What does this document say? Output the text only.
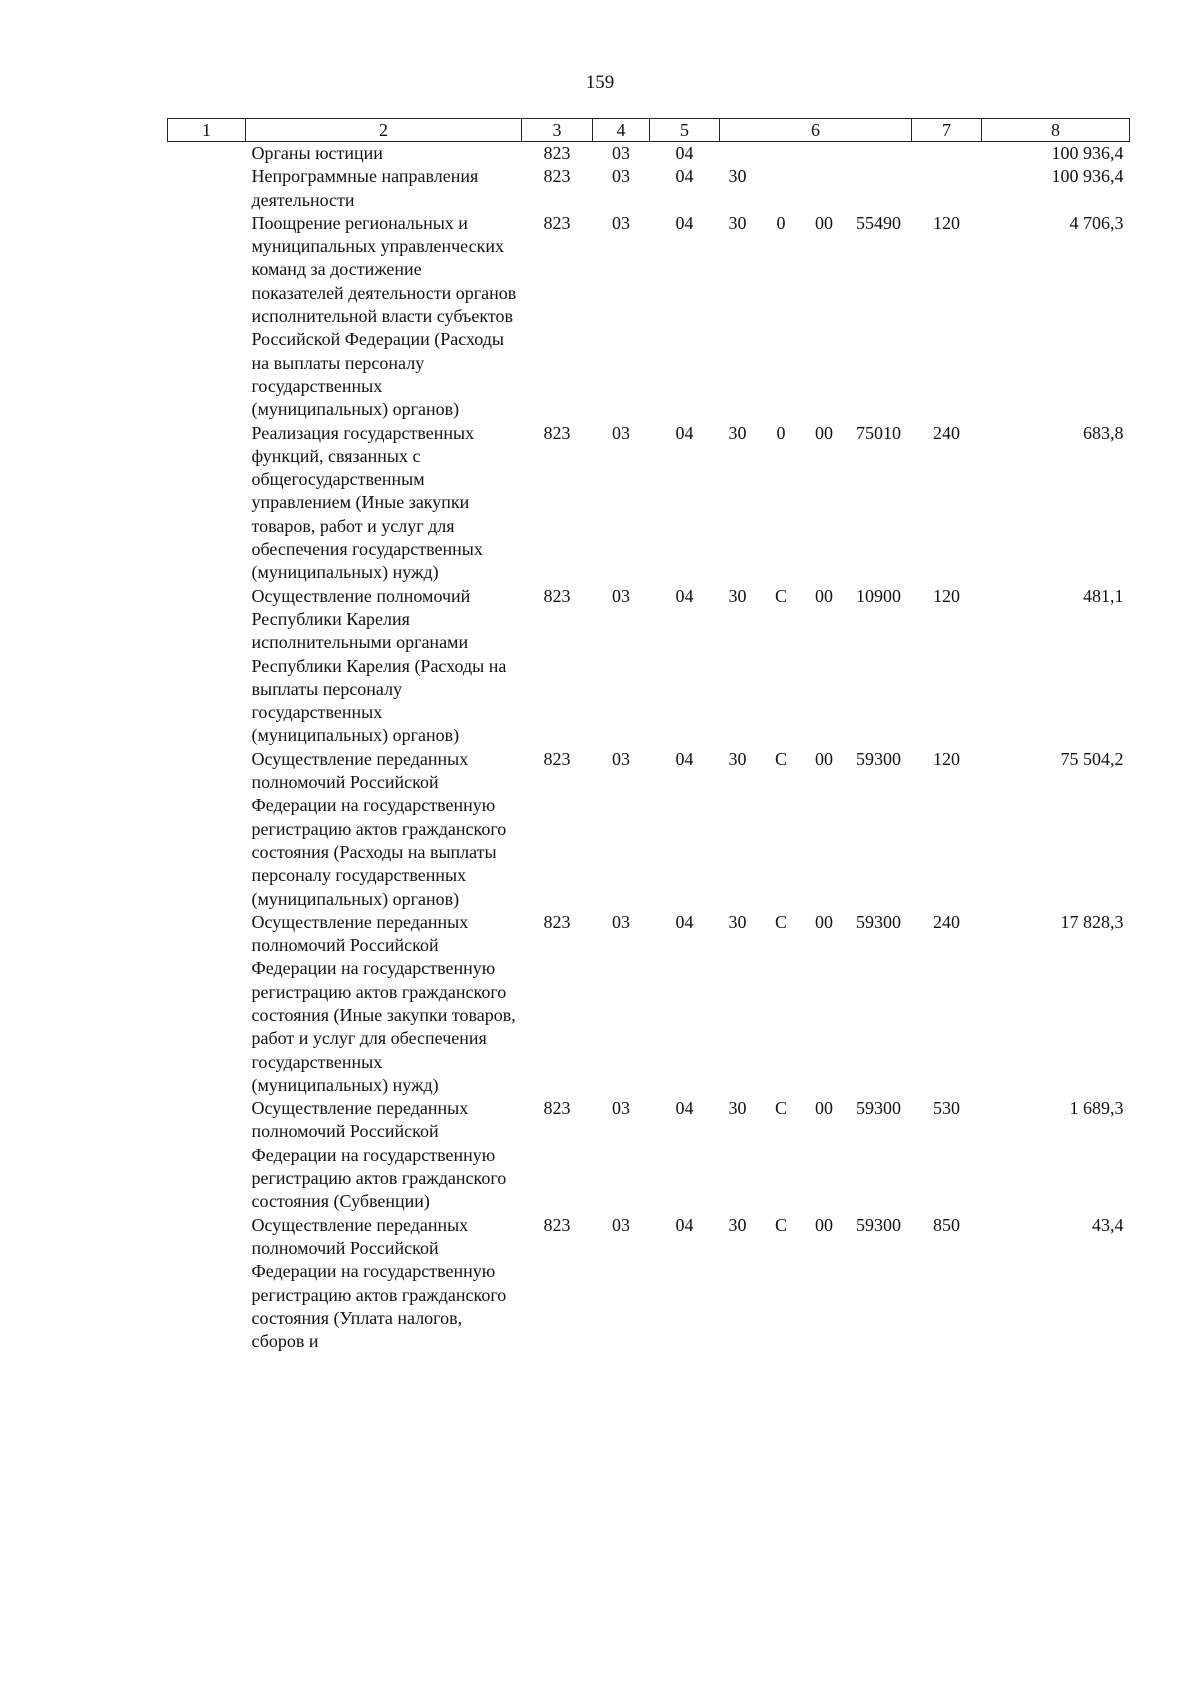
159
1	2	3	4	5	6				7	8
	Органы юстиции	823	03	04						100 936,4
	Непрограммные направления деятельности	823	03	04	30					100 936,4
	Поощрение региональных и муниципальных управленческих команд за достижение показателей деятельности органов исполнительной власти субъектов Российской Федерации (Расходы на выплаты персоналу государственных (муниципальных) органов)	823	03	04	30	0	00	55490	120	4 706,3
	Реализация государственных функций, связанных с общегосударственным управлением (Иные закупки товаров, работ и услуг для обеспечения государственных (муниципальных) нужд)	823	03	04	30	0	00	75010	240	683,8
	Осуществление полномочий Республики Карелия исполнительными органами Республики Карелия (Расходы на выплаты персоналу государственных (муниципальных) органов)	823	03	04	30	С	00	10900	120	481,1
	Осуществление переданных полномочий Российской Федерации на государственную регистрацию актов гражданского состояния (Расходы на выплаты персоналу государственных (муниципальных) органов)	823	03	04	30	С	00	59300	120	75 504,2
	Осуществление переданных полномочий Российской Федерации на государственную регистрацию актов гражданского состояния (Иные закупки товаров, работ и услуг для обеспечения государственных (муниципальных) нужд)	823	03	04	30	С	00	59300	240	17 828,3
	Осуществление переданных полномочий Российской Федерации на государственную регистрацию актов гражданского состояния (Субвенции)	823	03	04	30	С	00	59300	530	1 689,3
	Осуществление переданных полномочий Российской Федерации на государственную регистрацию актов гражданского состояния (Уплата налогов, сборов и	823	03	04	30	С	00	59300	850	43,4
